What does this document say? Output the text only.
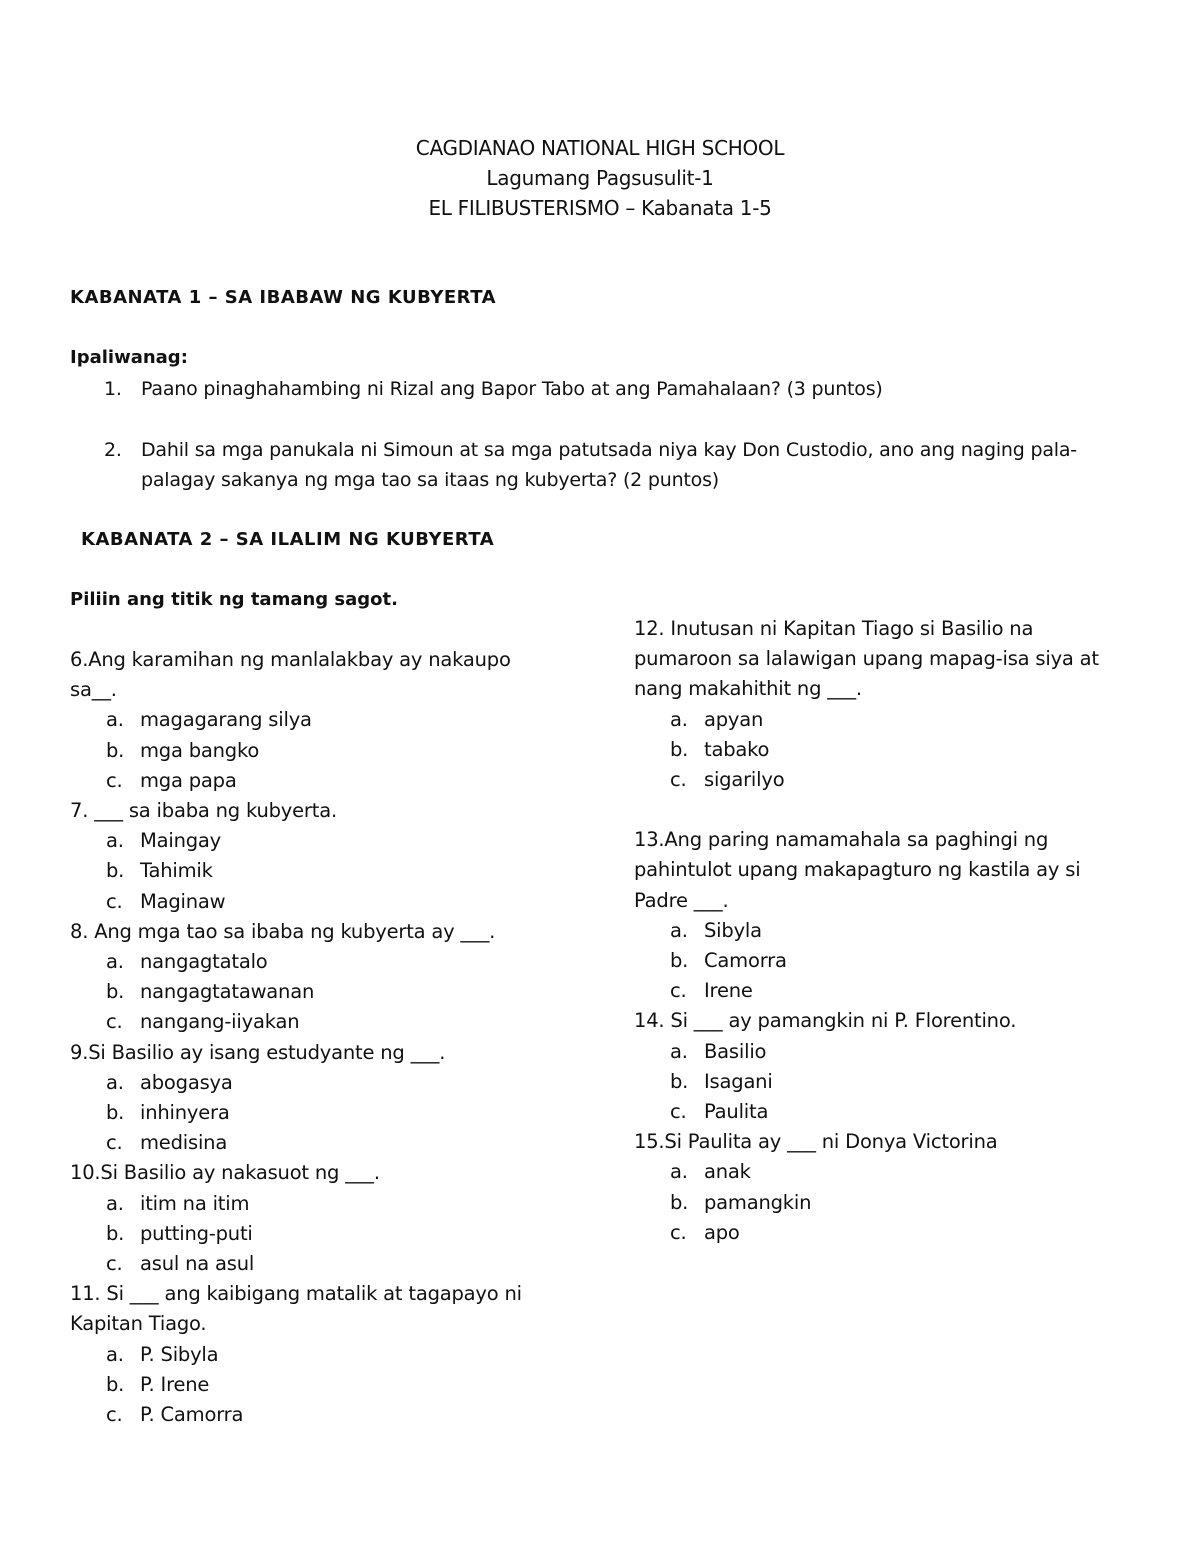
CAGDIANAO NATIONAL HIGH SCHOOL
Lagumang Pagsusulit-1
EL FILIBUSTERISMO – Kabanata 1-5
KABANATA 1 – SA IBABAW NG KUBYERTA
Ipaliwanag:
1. Paano pinaghahambing ni Rizal ang Bapor Tabo at ang Pamahalaan? (3 puntos)
2. Dahil sa mga panukala ni Simoun at sa mga patutsada niya kay Don Custodio, ano ang naging pala-palagay sakanya ng mga tao sa itaas ng kubyerta? (2 puntos)
KABANATA 2 – SA ILALIM NG KUBYERTA
Piliin ang titik ng tamang sagot.
6.Ang karamihan ng manlalakbay ay nakaupo sa__.
a. magagarang silya
b. mga bangko
c. mga papa
7. ___ sa ibaba ng kubyerta.
a. Maingay
b. Tahimik
c. Maginaw
8. Ang mga tao sa ibaba ng kubyerta ay ___.
a. nangagtatalo
b. nangagtatawanan
c. nangang-iiyakan
9.Si Basilio ay isang estudyante ng ___.
a. abogasya
b. inhinyera
c. medisina
10.Si Basilio ay nakasuot ng ___.
a. itim na itim
b. putting-puti
c. asul na asul
11. Si ___ ang kaibigang matalik at tagapayo ni Kapitan Tiago.
a. P. Sibyla
b. P. Irene
c. P. Camorra
12. Inutusan ni Kapitan Tiago si Basilio na pumaroon sa lalawigan upang mapag-isa siya at nang makahithit ng ___.
a. apyan
b. tabako
c. sigarilyo
13.Ang paring namamahala sa paghingi ng pahintulot upang makapagturo ng kastila ay si Padre ___.
a. Sibyla
b. Camorra
c. Irene
14. Si ___ ay pamangkin ni P. Florentino.
a. Basilio
b. Isagani
c. Paulita
15.Si Paulita ay ___ ni Donya Victorina
a. anak
b. pamangkin
c. apo
